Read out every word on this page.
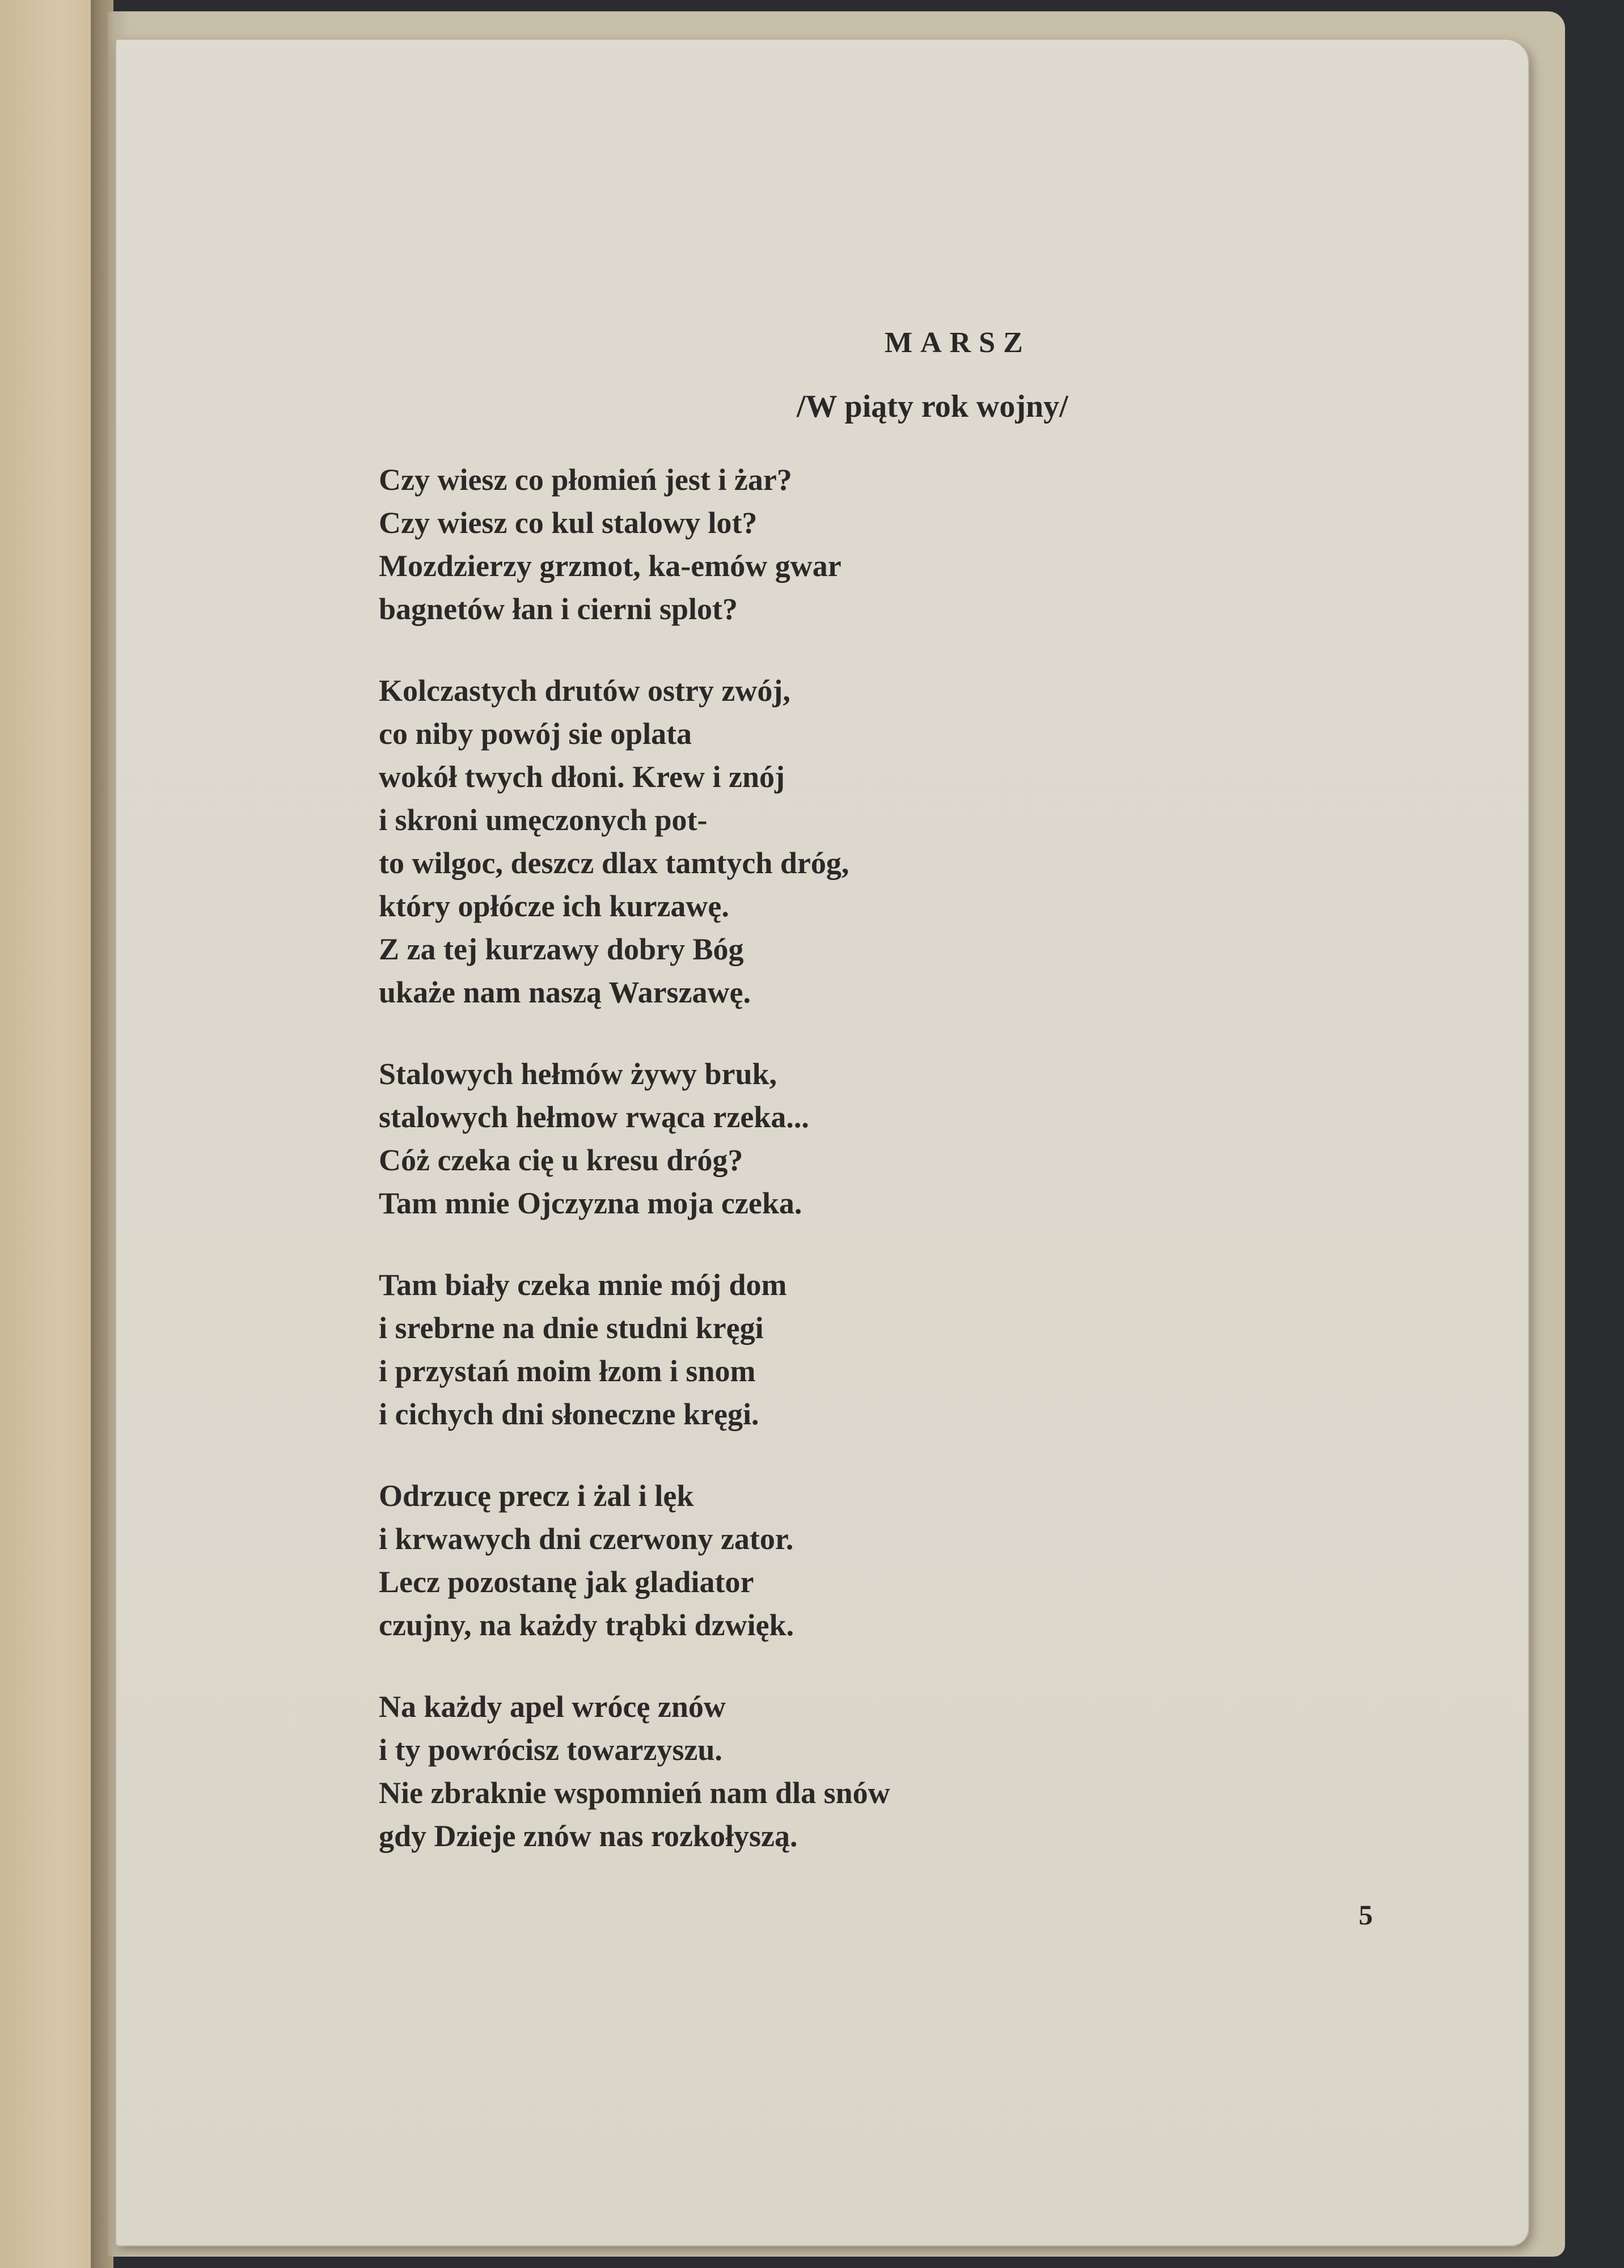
MARSZ
/W piąty rok wojny/

Czy wiesz co płomień jest i żar?
Czy wiesz co kul stalowy lot?
Mozdzierzy grzmot, ka-emów gwar
bagnetów łan i cierni splot?

Kolczastych drutów ostry zwój,
co niby powój sie oplata
wokół twych dłoni. Krew i znój
i skroni umęczonych pot-
to wilgoc, deszcz dlax tamtych dróg,
który opłócze ich kurzawę.
Z za tej kurzawy dobry Bóg
ukaże nam naszą Warszawę.

Stalowych hełmów żywy bruk,
stalowych hełmow rwąca rzeka...
Cóż czeka cię u kresu dróg?
Tam mnie Ojczyzna moja czeka.

Tam biały czeka mnie mój dom
i srebrne na dnie studni kręgi
i przystań moim łzom i snom
i cichych dni słoneczne kręgi.

Odrzucę precz i żal i lęk
i krwawych dni czerwony zator.
Lecz pozostanę jak gladiator
czujny, na każdy trąbki dzwięk.

Na każdy apel wrócę znów
i ty powrócisz towarzyszu.
Nie zbraknie wspomnień nam dla snów
gdy Dzieje znów nas rozkołyszą.

5
